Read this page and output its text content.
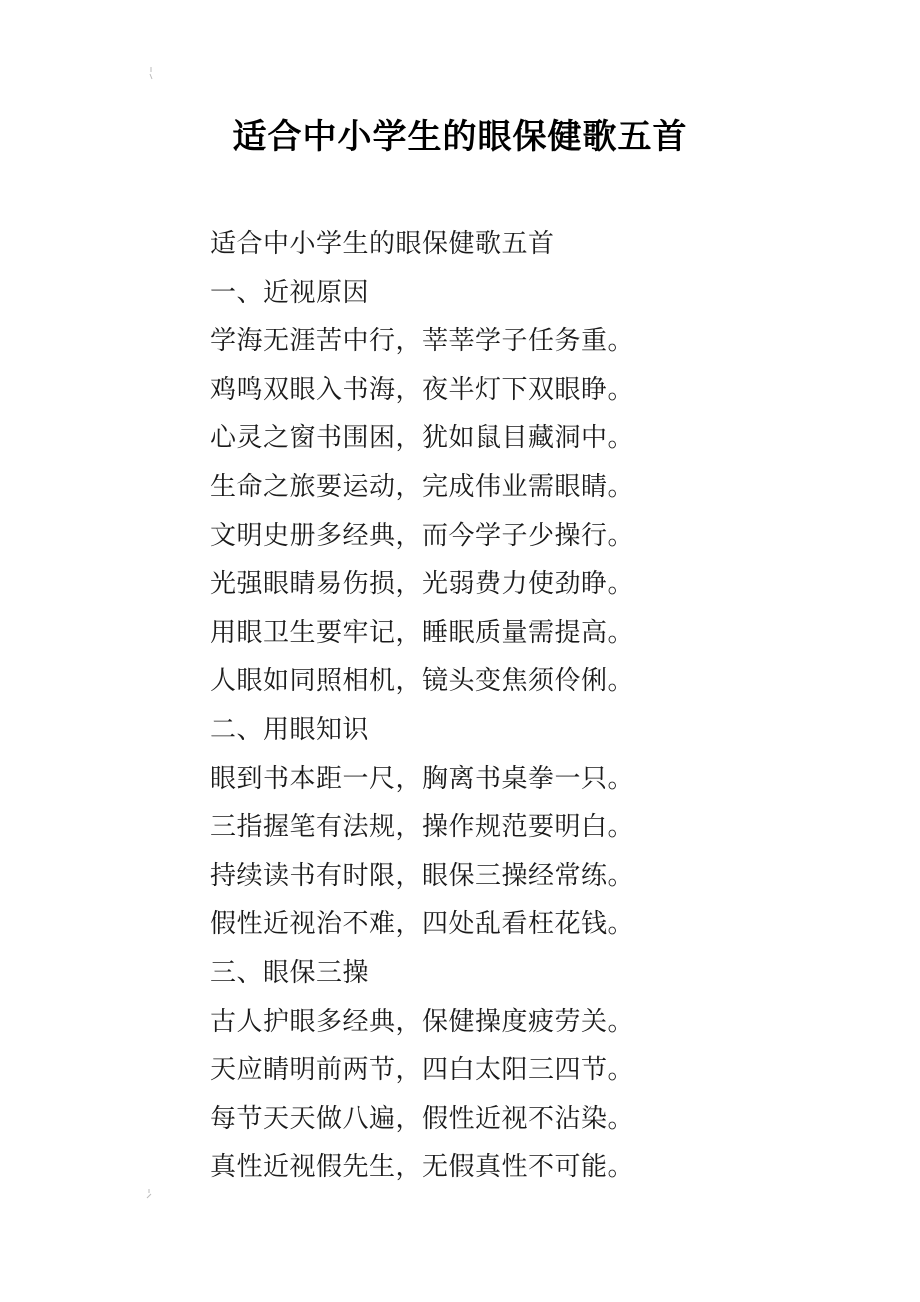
适合中小学生的眼保健歌五首
适合中小学生的眼保健歌五首
一、近视原因
学海无涯苦中行，莘莘学子任务重。
鸡鸣双眼入书海，夜半灯下双眼睁。
心灵之窗书围困，犹如鼠目藏洞中。
生命之旅要运动，完成伟业需眼睛。
文明史册多经典，而今学子少操行。
光强眼睛易伤损，光弱费力使劲睁。
用眼卫生要牢记，睡眠质量需提高。
人眼如同照相机，镜头变焦须伶俐。
二、用眼知识
眼到书本距一尺，胸离书桌拳一只。
三指握笔有法规，操作规范要明白。
持续读书有时限，眼保三操经常练。
假性近视治不难，四处乱看枉花钱。
三、眼保三操
古人护眼多经典，保健操度疲劳关。
天应睛明前两节，四白太阳三四节。
每节天天做八遍，假性近视不沾染。
真性近视假先生，无假真性不可能。
